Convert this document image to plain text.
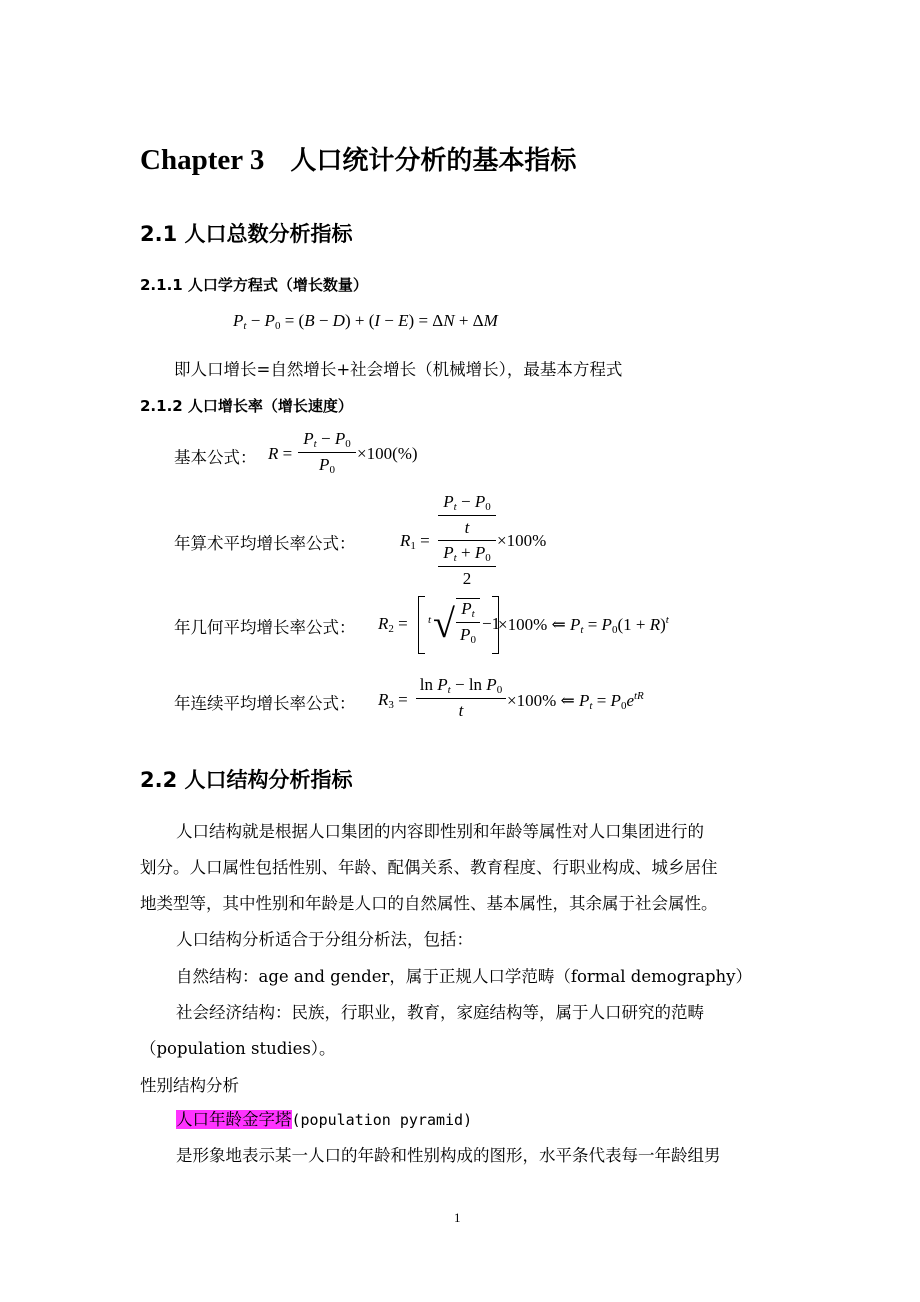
Chapter 3 人口统计分析的基本指标
2.1 人口总数分析指标
2.1.1 人口学方程式（增长数量）
$P_t - P_0 = (B - D) + (I - E) = \Delta N + \Delta M$
即人口增长=自然增长+社会增长（机械增长），最基本方程式
2.1.2 人口增长率（增长速度）
基本公式： R =
$P_t - P_0$
$P_0$
×100(%)
年算术平均增长率公式：	$R_1$ =
$P_t - P_0$
t
$P_t + P_0$
2
×100%
年几何平均增长率公式： $R_2 = t$ √ $P_t$
$P_0$
−1
×100% ⇐ $P_t = P_0(1 + R)^t$
年连续平均增长率公式： $R_3$ =
$\ln P_t - \ln P_0$
t
×100% ⇐ $P_t = P_0e^{tR}$
2.2 人口结构分析指标
人口结构就是根据人口集团的内容即性别和年龄等属性对人口集团进行的
划分。人口属性包括性别、年龄、配偶关系、教育程度、行职业构成、城乡居住
地类型等，其中性别和年龄是人口的自然属性、基本属性，其余属于社会属性。
人口结构分析适合于分组分析法，包括：
自然结构：age and gender，属于正规人口学范畴（formal demography）
社会经济结构：民族，行职业，教育，家庭结构等，属于人口研究的范畴
（population studies）。
性别结构分析
人口年龄金字塔(population pyramid)
是形象地表示某一人口的年龄和性别构成的图形，水平条代表每一年龄组男
1
